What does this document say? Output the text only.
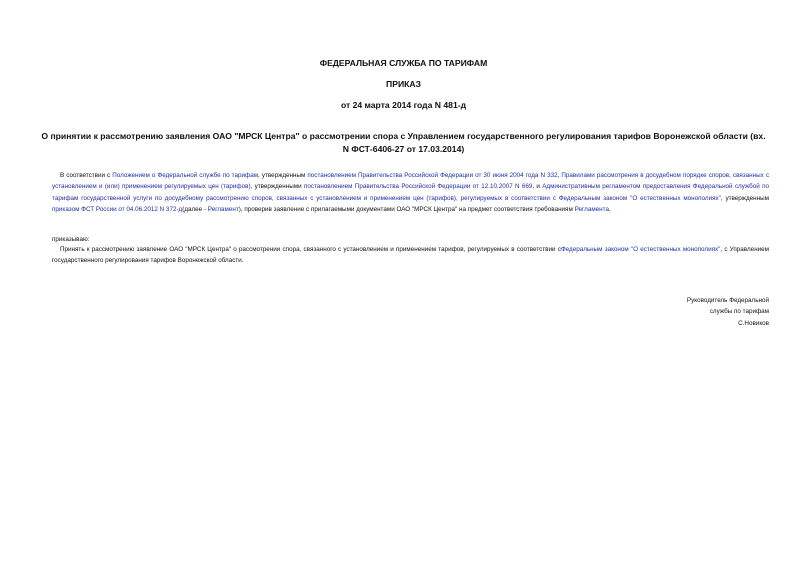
ФЕДЕРАЛЬНАЯ СЛУЖБА ПО ТАРИФАМ
ПРИКАЗ
от 24 марта 2014 года N 481-д
О принятии к рассмотрению заявления ОАО "МРСК Центра" о рассмотрении спора с Управлением государственного регулирования тарифов Воронежской области (вх. N ФСТ-6406-27 от 17.03.2014)
В соответствии с Положением о Федеральной службе по тарифам, утвержденным постановлением Правительства Российской Федерации от 30 июня 2004 года N 332, Правилами рассмотрения в досудебном порядке споров, связанных с установлением и (или) применением регулируемых цен (тарифов), утвержденными постановлением Правительства Российской Федерации от 12.10.2007 N 669, и Административным регламентом предоставления Федеральной службой по тарифам государственной услуги по досудебному рассмотрению споров, связанных с установлением и применением цен (тарифов), регулируемых в соответствии с Федеральным законом "О естественных монополиях", утвержденным приказом ФСТ России от 04.06.2012 N 372-д(далее - Регламент), проверив заявление с прилагаемыми документами ОАО "МРСК Центра" на предмет соответствия требованиям Регламента,
приказываю:
Принять к рассмотрению заявление ОАО "МРСК Центра" о рассмотрении спора, связанного с установлением и применением тарифов, регулируемых в соответствии сФедеральным законом "О естественных монополиях", с Управлением государственного регулирования тарифов Воронежской области.
Руководитель Федеральной
службы по тарифам
С.Новиков
